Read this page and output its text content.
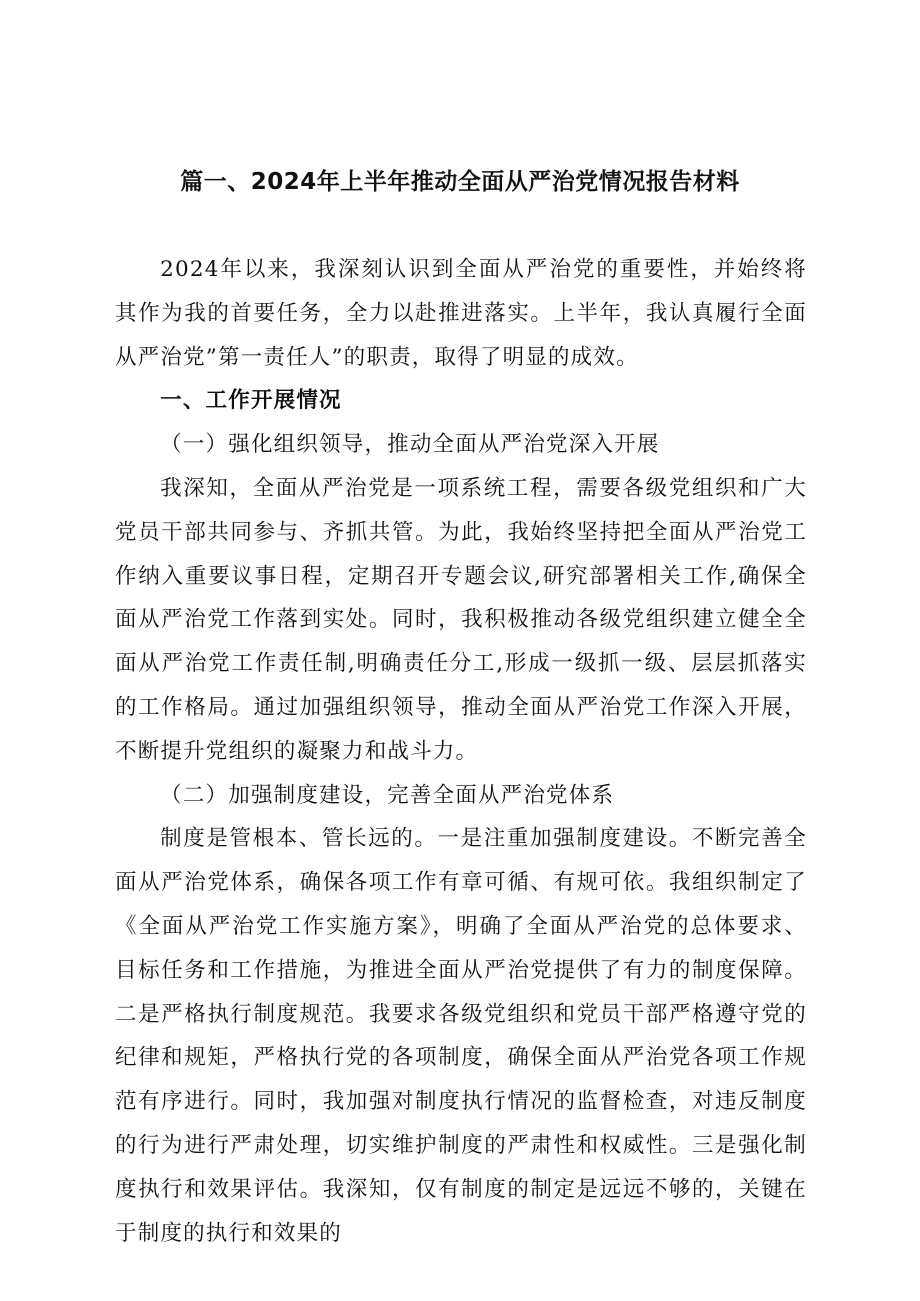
篇一、2024年上半年推动全面从严治党情况报告材料

2024年以来，我深刻认识到全面从严治党的重要性，并始终将其作为我的首要任务，全力以赴推进落实。上半年，我认真履行全面从严治党”第一责任人”的职责，取得了明显的成效。

一、工作开展情况

（一）强化组织领导，推动全面从严治党深入开展

我深知，全面从严治党是一项系统工程，需要各级党组织和广大党员干部共同参与、齐抓共管。为此，我始终坚持把全面从严治党工作纳入重要议事日程，定期召开专题会议,研究部署相关工作,确保全面从严治党工作落到实处。同时，我积极推动各级党组织建立健全全面从严治党工作责任制,明确责任分工,形成一级抓一级、层层抓落实的工作格局。通过加强组织领导，推动全面从严治党工作深入开展，不断提升党组织的凝聚力和战斗力。

（二）加强制度建设，完善全面从严治党体系

制度是管根本、管长远的。一是注重加强制度建设。不断完善全面从严治党体系，确保各项工作有章可循、有规可依。我组织制定了《全面从严治党工作实施方案》，明确了全面从严治党的总体要求、目标任务和工作措施，为推进全面从严治党提供了有力的制度保障。二是严格执行制度规范。我要求各级党组织和党员干部严格遵守党的纪律和规矩，严格执行党的各项制度，确保全面从严治党各项工作规范有序进行。同时，我加强对制度执行情况的监督检查，对违反制度的行为进行严肃处理，切实维护制度的严肃性和权威性。三是强化制度执行和效果评估。我深知，仅有制度的制定是远远不够的，关键在于制度的执行和效果的
